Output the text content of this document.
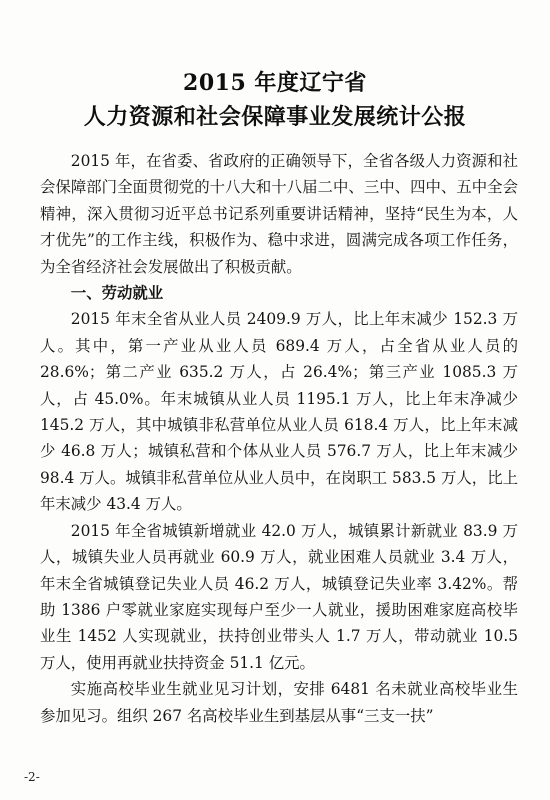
2015 年度辽宁省
人力资源和社会保障事业发展统计公报

2015 年，在省委、省政府的正确领导下，全省各级人力资源和社会保障部门全面贯彻党的十八大和十八届二中、三中、四中、五中全会精神，深入贯彻习近平总书记系列重要讲话精神，坚持“民生为本，人才优先”的工作主线，积极作为、稳中求进，圆满完成各项工作任务，为全省经济社会发展做出了积极贡献。

一、劳动就业

2015 年末全省从业人员 2409.9 万人，比上年末减少 152.3 万人。其中，第一产业从业人员 689.4 万人，占全省从业人员的 28.6%；第二产业 635.2 万人，占 26.4%；第三产业 1085.3 万人，占 45.0%。年末城镇从业人员 1195.1 万人，比上年末净减少 145.2 万人，其中城镇非私营单位从业人员 618.4 万人，比上年末减少 46.8 万人；城镇私营和个体从业人员 576.7 万人，比上年末减少 98.4 万人。城镇非私营单位从业人员中，在岗职工 583.5 万人，比上年末减少 43.4 万人。

2015 年全省城镇新增就业 42.0 万人，城镇累计新就业 83.9 万人，城镇失业人员再就业 60.9 万人，就业困难人员就业 3.4 万人，年末全省城镇登记失业人员 46.2 万人，城镇登记失业率 3.42%。帮助 1386 户零就业家庭实现每户至少一人就业，援助困难家庭高校毕业生 1452 人实现就业，扶持创业带头人 1.7 万人，带动就业 10.5 万人，使用再就业扶持资金 51.1 亿元。

实施高校毕业生就业见习计划，安排 6481 名未就业高校毕业生参加见习。组织 267 名高校毕业生到基层从事“三支一扶”

-2-
